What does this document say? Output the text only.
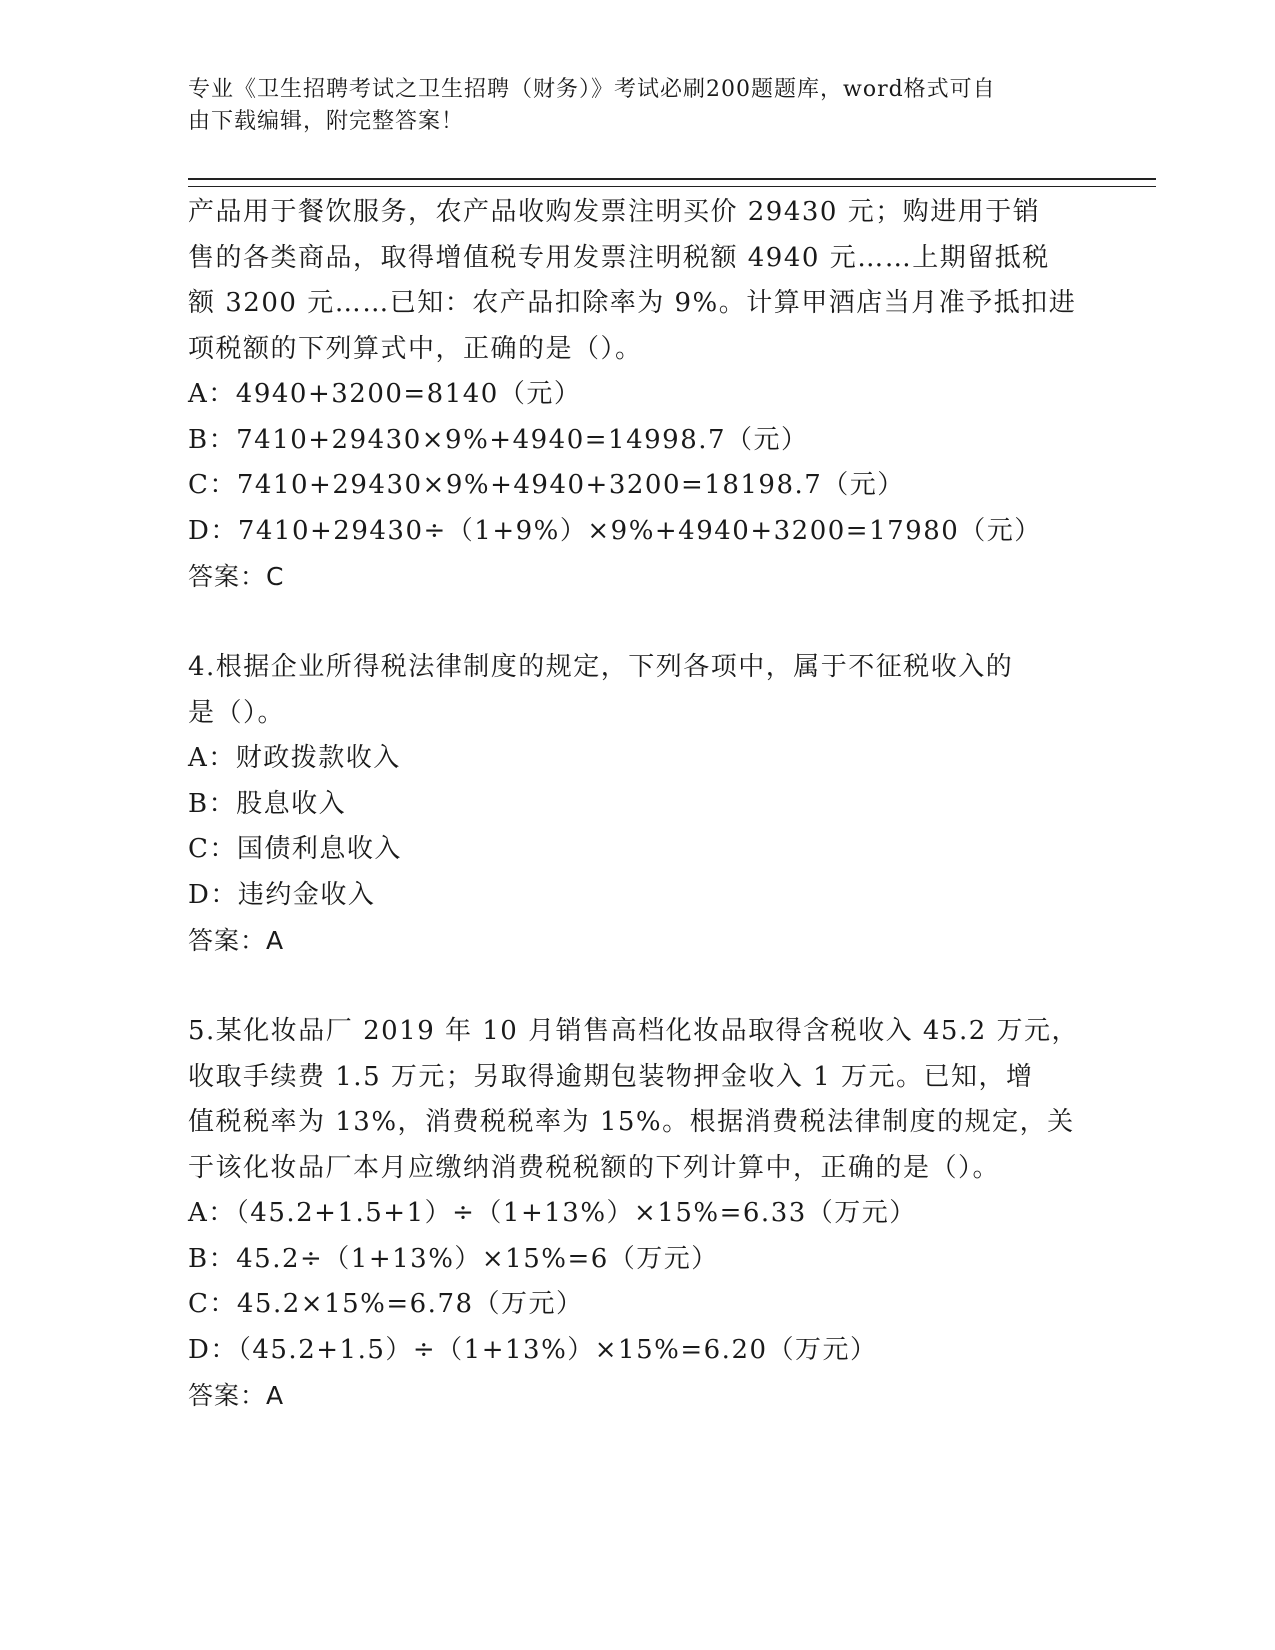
专业《卫生招聘考试之卫生招聘（财务）》考试必刷200题题库，word格式可自
由下载编辑，附完整答案！
产品用于餐饮服务，农产品收购发票注明买价 29430 元；购进用于销
售的各类商品，取得增值税专用发票注明税额 4940 元……上期留抵税
额 3200 元……已知：农产品扣除率为 9%。计算甲酒店当月准予抵扣进
项税额的下列算式中，正确的是（）。
A：4940+3200=8140（元）
B：7410+29430×9%+4940=14998.7（元）
C：7410+29430×9%+4940+3200=18198.7（元）
D：7410+29430÷（1+9%）×9%+4940+3200=17980（元）
答案：C
4.根据企业所得税法律制度的规定，下列各项中，属于不征税收入的
是（）。
A：财政拨款收入
B：股息收入
C：国债利息收入
D：违约金收入
答案：A
5.某化妆品厂 2019 年 10 月销售高档化妆品取得含税收入 45.2 万元，
收取手续费 1.5 万元；另取得逾期包装物押金收入 1 万元。已知，增
值税税率为 13%，消费税税率为 15%。根据消费税法律制度的规定，关
于该化妆品厂本月应缴纳消费税税额的下列计算中，正确的是（）。
A：（45.2+1.5+1）÷（1+13%）×15%=6.33（万元）
B：45.2÷（1+13%）×15%=6（万元）
C：45.2×15%=6.78（万元）
D：（45.2+1.5）÷（1+13%）×15%=6.20（万元）
答案：A
